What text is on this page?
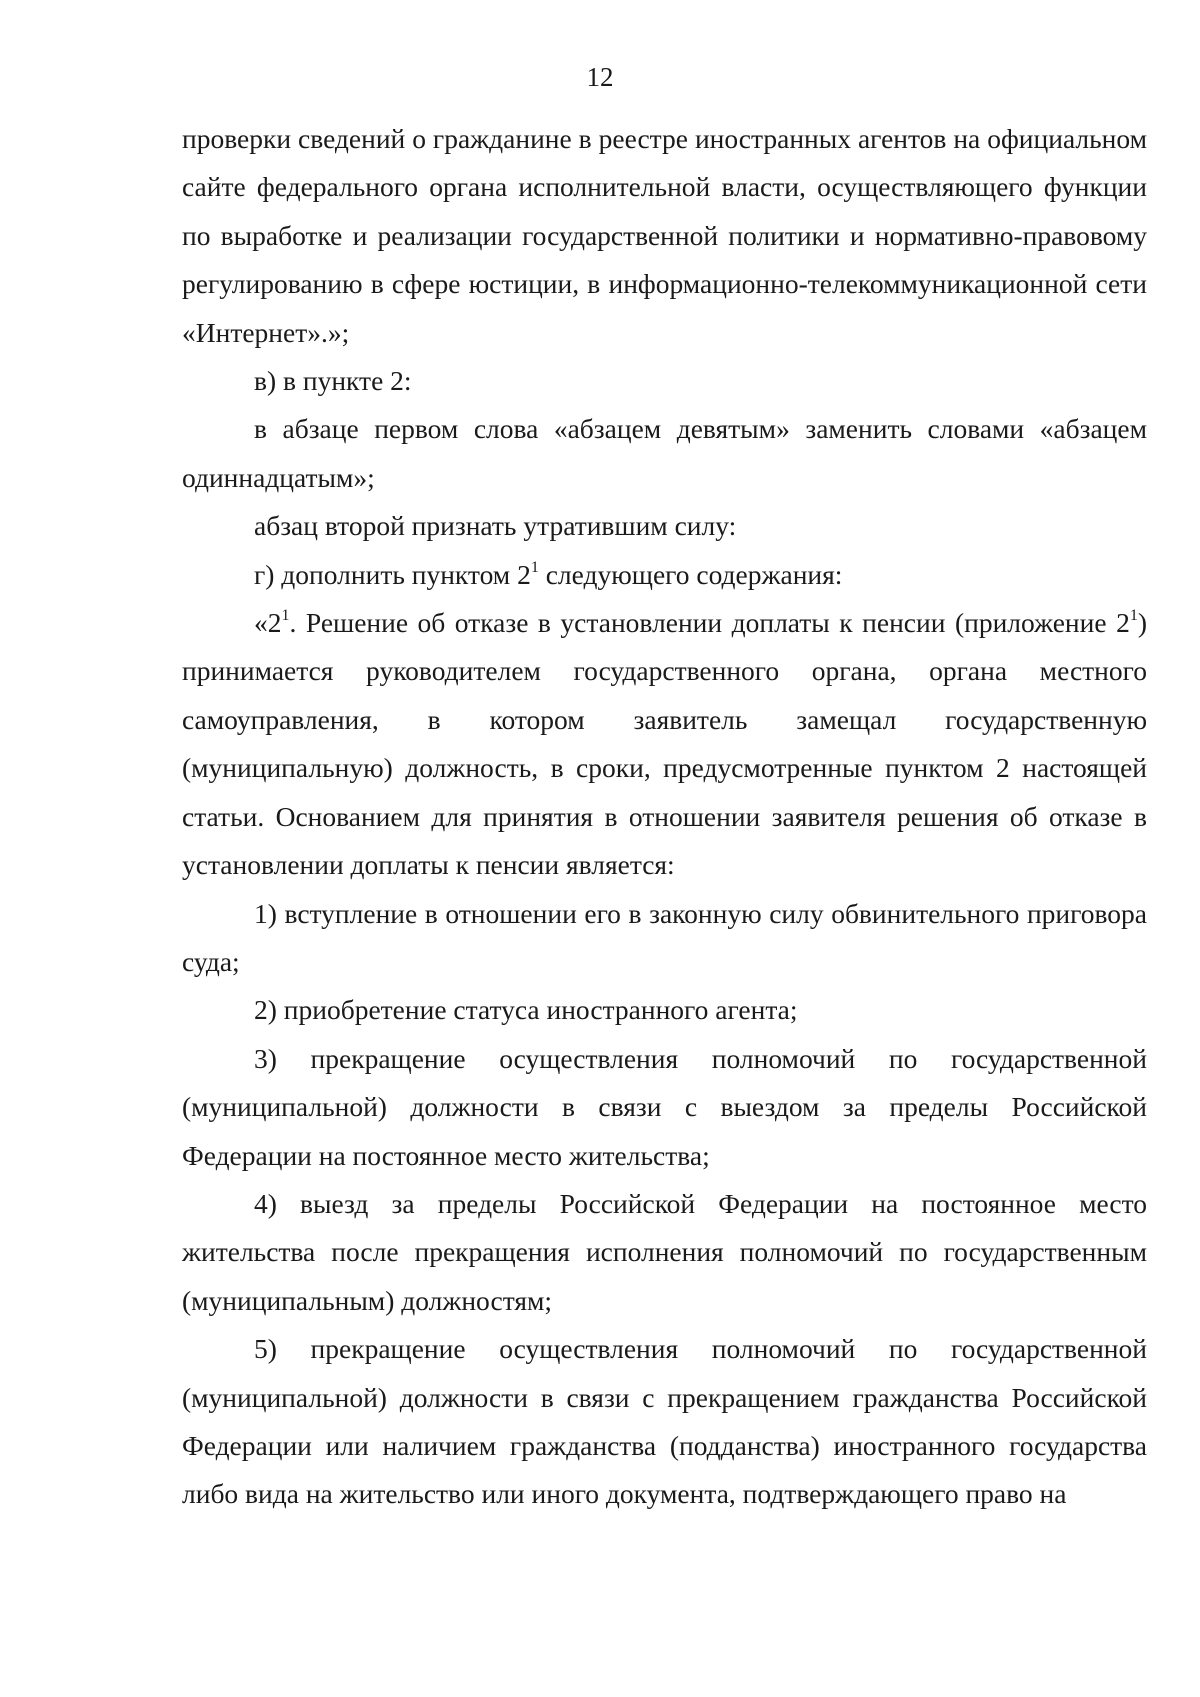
12

проверки сведений о гражданине в реестре иностранных агентов на официальном сайте федерального органа исполнительной власти, осуществляющего функции по выработке и реализации государственной политики и нормативно-правовому регулированию в сфере юстиции, в информационно-телекоммуникационной сети «Интернет».»;

в) в пункте 2:

в абзаце первом слова «абзацем девятым» заменить словами «абзацем одиннадцатым»;

абзац второй признать утратившим силу:

г) дополнить пунктом $2^1$ следующего содержания:

«$2^1$. Решение об отказе в установлении доплаты к пенсии (приложение $2^1$) принимается руководителем государственного органа, органа местного самоуправления, в котором заявитель замещал государственную (муниципальную) должность, в сроки, предусмотренные пунктом 2 настоящей статьи. Основанием для принятия в отношении заявителя решения об отказе в установлении доплаты к пенсии является:

1) вступление в отношении его в законную силу обвинительного приговора суда;

2) приобретение статуса иностранного агента;

3) прекращение осуществления полномочий по государственной (муниципальной) должности в связи с выездом за пределы Российской Федерации на постоянное место жительства;

4) выезд за пределы Российской Федерации на постоянное место жительства после прекращения исполнения полномочий по государственным (муниципальным) должностям;

5) прекращение осуществления полномочий по государственной (муниципальной) должности в связи с прекращением гражданства Российской Федерации или наличием гражданства (подданства) иностранного государства либо вида на жительство или иного документа, подтверждающего право на
